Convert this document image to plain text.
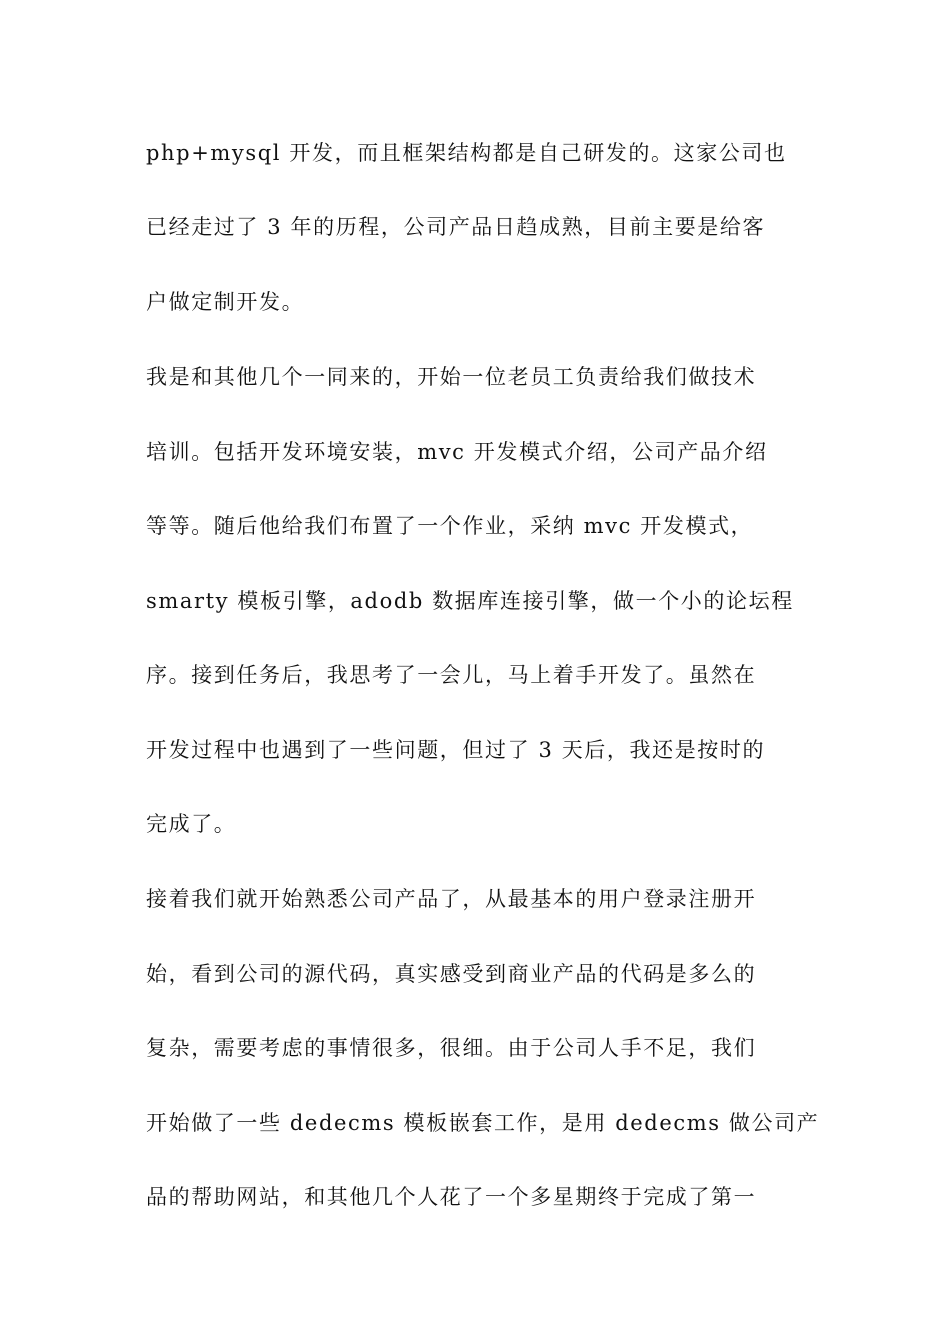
php+mysql 开发，而且框架结构都是自己研发的。这家公司也
已经走过了 3 年的历程，公司产品日趋成熟，目前主要是给客
户做定制开发。
我是和其他几个一同来的，开始一位老员工负责给我们做技术
培训。包括开发环境安装，mvc 开发模式介绍，公司产品介绍
等等。随后他给我们布置了一个作业，采纳 mvc 开发模式，
smarty 模板引擎，adodb 数据库连接引擎，做一个小的论坛程
序。接到任务后，我思考了一会儿，马上着手开发了。虽然在
开发过程中也遇到了一些问题，但过了 3 天后，我还是按时的
完成了。
接着我们就开始熟悉公司产品了，从最基本的用户登录注册开
始，看到公司的源代码，真实感受到商业产品的代码是多么的
复杂，需要考虑的事情很多，很细。由于公司人手不足，我们
开始做了一些 dedecms 模板嵌套工作，是用 dedecms 做公司产
品的帮助网站，和其他几个人花了一个多星期终于完成了第一
